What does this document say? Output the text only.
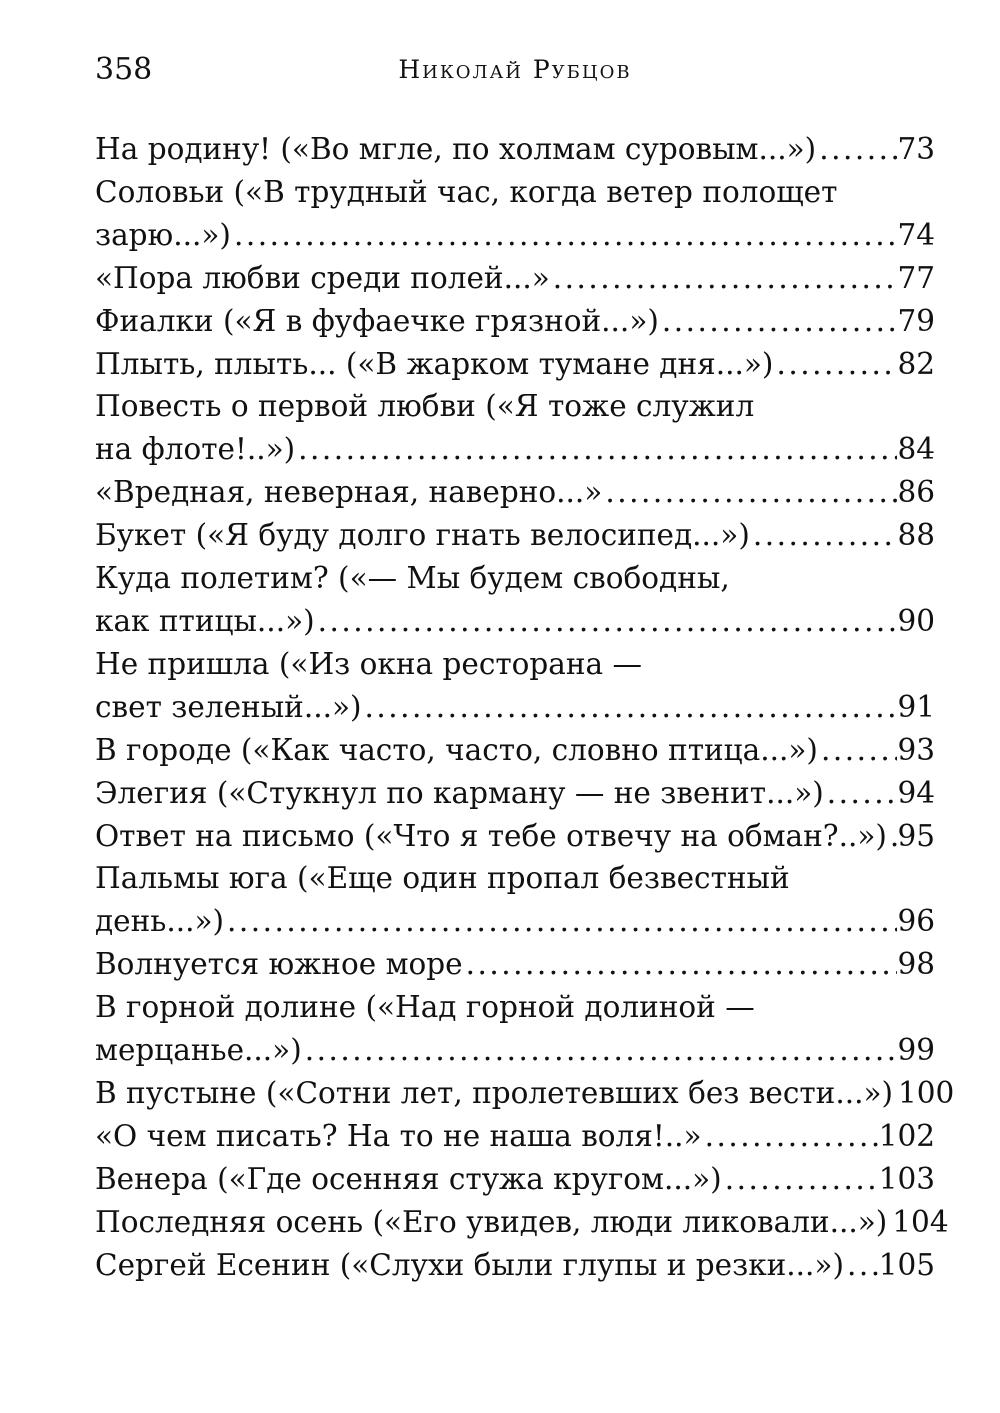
358	Николай Рубцов
На родину! («Во мгле, по холмам суровым...») .....	73
Соловьи («В трудный час, когда ветер полощет
зарю...») .....	74
«Пора любви среди полей...» .....	77
Фиалки («Я в фуфаечке грязной...») .....	79
Плыть, плыть... («В жарком тумане дня...») .....	82
Повесть о первой любви («Я тоже служил
на флоте!..») .....	84
«Вредная, неверная, наверно...» .....	86
Букет («Я буду долго гнать велосипед...») .....	88
Куда полетим? («— Мы будем свободны,
как птицы...») .....	90
Не пришла («Из окна ресторана —
свет зеленый...») .....	91
В городе («Как часто, часто, словно птица...») .....	93
Элегия («Стукнул по карману — не звенит...») ..... 94
Ответ на письмо («Что я тебе отвечу на обман?..») ..... 95
Пальмы юга («Еще один пропал безвестный
день...») .....	96
Волнуется южное море .....	98
В горной долине («Над горной долиной —
мерцанье...») .....	99
В пустыне («Сотни лет, пролетевших без вести...») ..... 100
«О чем писать? На то не наша воля!..» .....	102
Венера («Где осенняя стужа кругом...») .....	103
Последняя осень («Его увидев, люди ликовали...») ..... 104
Сергей Есенин («Слухи были глупы и резки...») ..... 105
